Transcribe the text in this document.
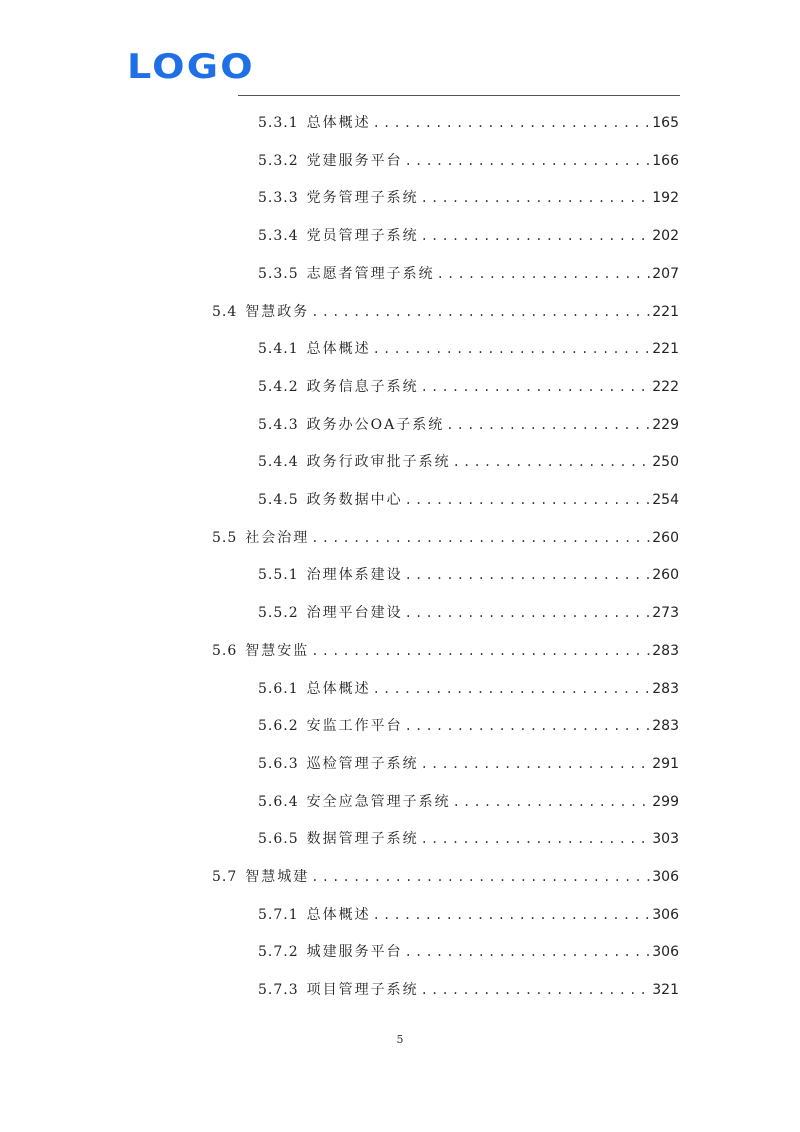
LOGO
5.3.1 总体概述 .....	165
5.3.2 党建服务平台 .....	166
5.3.3 党务管理子系统 .....	192
5.3.4 党员管理子系统 .....	202
5.3.5 志愿者管理子系统 .....	207
5.4 智慧政务 .....	221
5.4.1 总体概述 .....	221
5.4.2 政务信息子系统 .....	222
5.4.3 政务办公OA子系统 .....	229
5.4.4 政务行政审批子系统 .....	250
5.4.5 政务数据中心 .....	254
5.5 社会治理 .....	260
5.5.1 治理体系建设 .....	260
5.5.2 治理平台建设 .....	273
5.6 智慧安监 .....	283
5.6.1 总体概述 .....	283
5.6.2 安监工作平台 .....	283
5.6.3 巡检管理子系统 .....	291
5.6.4 安全应急管理子系统 .....	299
5.6.5 数据管理子系统 .....	303
5.7 智慧城建 .....	306
5.7.1 总体概述 .....	306
5.7.2 城建服务平台 .....	306
5.7.3 项目管理子系统 .....	321
5
